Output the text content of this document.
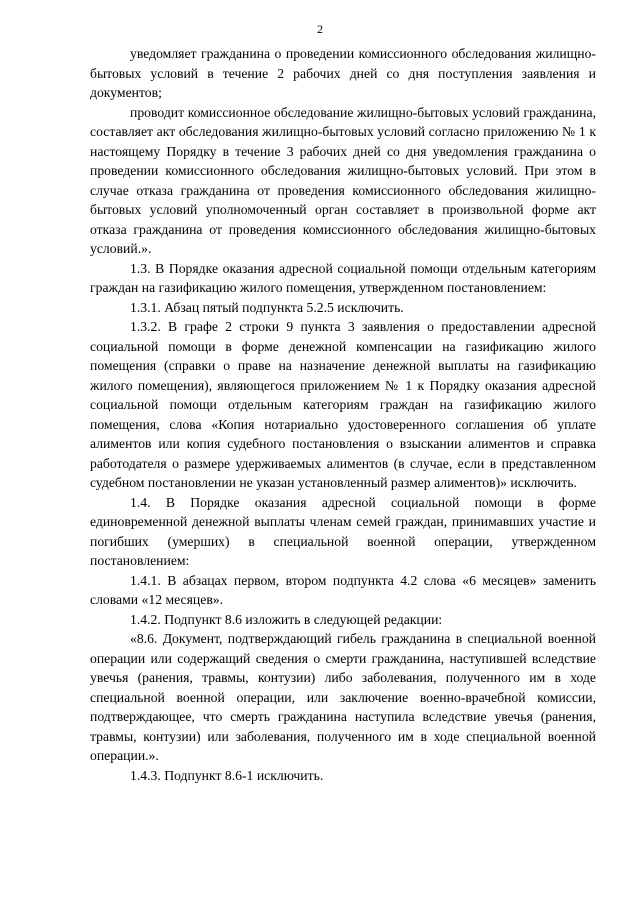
2

уведомляет гражданина о проведении комиссионного обследования жилищно-бытовых условий в течение 2 рабочих дней со дня поступления заявления и документов;

проводит комиссионное обследование жилищно-бытовых условий гражданина, составляет акт обследования жилищно-бытовых условий согласно приложению № 1 к настоящему Порядку в течение 3 рабочих дней со дня уведомления гражданина о проведении комиссионного обследования жилищно-бытовых условий. При этом в случае отказа гражданина от проведения комиссионного обследования жилищно-бытовых условий уполномоченный орган составляет в произвольной форме акт отказа гражданина от проведения комиссионного обследования жилищно-бытовых условий.».

1.3. В Порядке оказания адресной социальной помощи отдельным категориям граждан на газификацию жилого помещения, утвержденном постановлением:

1.3.1. Абзац пятый подпункта 5.2.5 исключить.

1.3.2. В графе 2 строки 9 пункта 3 заявления о предоставлении адресной социальной помощи в форме денежной компенсации на газификацию жилого помещения (справки о праве на назначение денежной выплаты на газификацию жилого помещения), являющегося приложением № 1 к Порядку оказания адресной социальной помощи отдельным категориям граждан на газификацию жилого помещения, слова «Копия нотариально удостоверенного соглашения об уплате алиментов или копия судебного постановления о взыскании алиментов и справка работодателя о размере удерживаемых алиментов (в случае, если в представленном судебном постановлении не указан установленный размер алиментов)» исключить.

1.4. В Порядке оказания адресной социальной помощи в форме единовременной денежной выплаты членам семей граждан, принимавших участие и погибших (умерших) в специальной военной операции, утвержденном постановлением:

1.4.1. В абзацах первом, втором подпункта 4.2 слова «6 месяцев» заменить словами «12 месяцев».

1.4.2. Подпункт 8.6 изложить в следующей редакции:

«8.6. Документ, подтверждающий гибель гражданина в специальной военной операции или содержащий сведения о смерти гражданина, наступившей вследствие увечья (ранения, травмы, контузии) либо заболевания, полученного им в ходе специальной военной операции, или заключение военно-врачебной комиссии, подтверждающее, что смерть гражданина наступила вследствие увечья (ранения, травмы, контузии) или заболевания, полученного им в ходе специальной военной операции.».

1.4.3. Подпункт 8.6-1 исключить.
